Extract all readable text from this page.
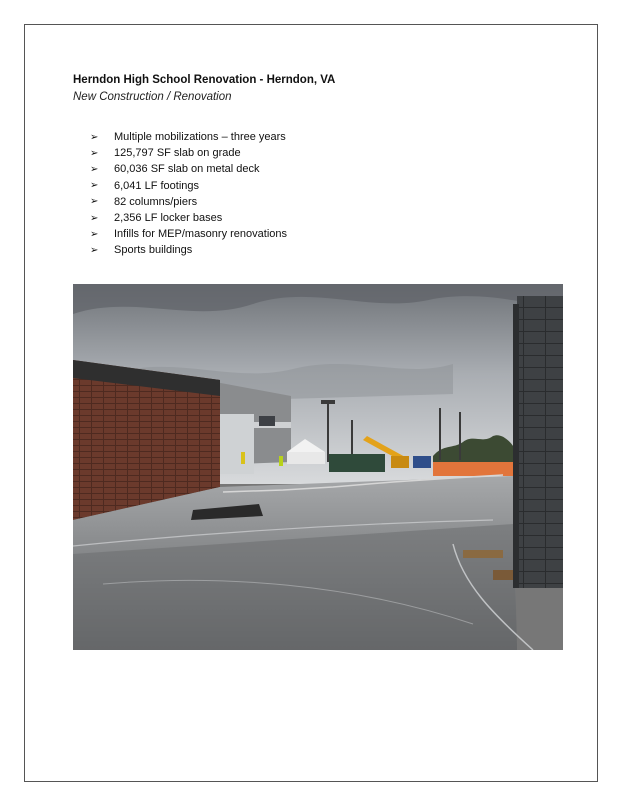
Herndon High School Renovation - Herndon, VA
New Construction / Renovation
➢	Multiple mobilizations – three years
➢	125,797 SF slab on grade
➢	60,036 SF slab on metal deck
➢	6,041 LF footings
➢	82 columns/piers
➢	2,356 LF locker bases
➢	Infills for MEP/masonry renovations
➢	Sports buildings
